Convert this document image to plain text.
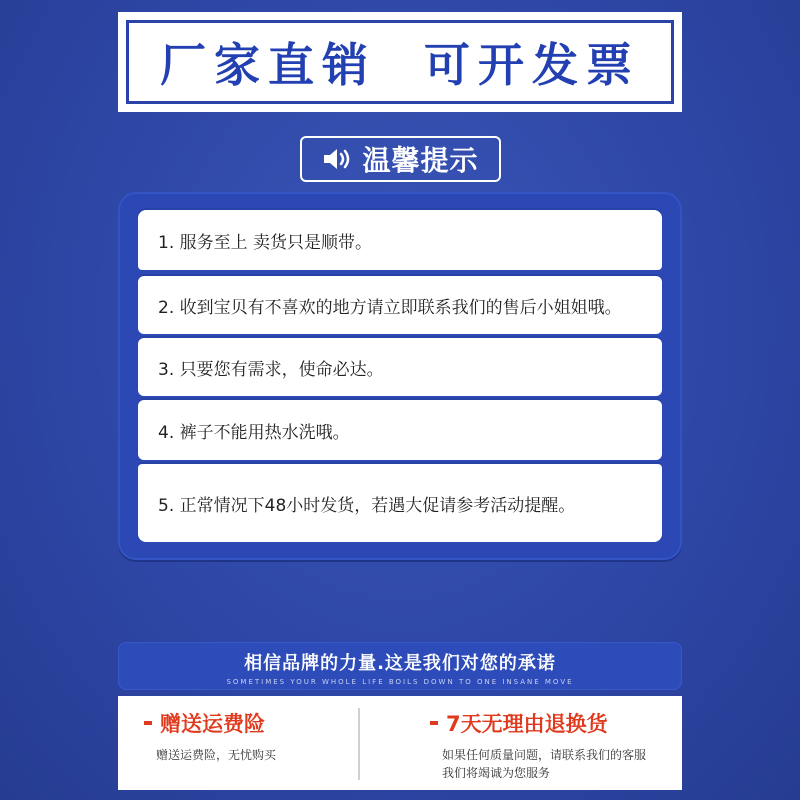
厂家直销  可开发票
温馨提示
1. 服务至上 卖货只是顺带。
2. 收到宝贝有不喜欢的地方请立即联系我们的售后小姐姐哦。
3. 只要您有需求，使命必达。
4. 裤子不能用热水洗哦。
5. 正常情况下48小时发货，若遇大促请参考活动提醒。
相信品牌的力量.这是我们对您的承诺
SOMETIMES YOUR WHOLE LIFE BOILS DOWN TO ONE INSANE MOVE
赠送运费险
赠送运费险，无忧购买
7天无理由退换货
如果任何质量问题，请联系我们的客服
我们将竭诚为您服务
